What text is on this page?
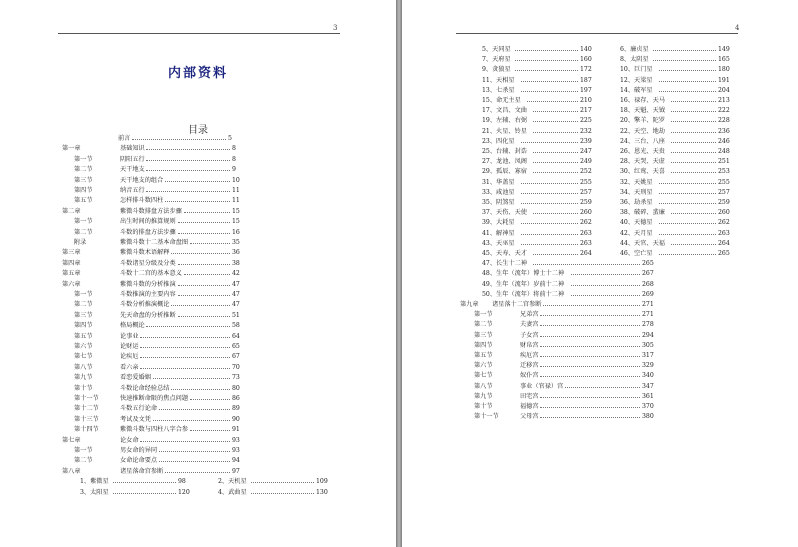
3
内部资料
目录
前言	5
第一章	基础知识	8
第一节	阴阳五行	8
第二节	天干地支	9
第三节	天干地支的组合	10
第四节	纳音五行	11
第五节	怎样排斗数四柱	11
第二章	紫微斗数排盘方法步骤	15
第一节	出生时间的推算规则	15
第二节	斗数的排盘方法步骤	16
附录	紫微斗数十二基本命盘图	35
第三章	紫微斗数术语解释	36
第四章	斗数诸星分级及分类	38
第五章	斗数十二宫的基本意义	42
第六章	紫微斗数的分析推演	47
第一节	斗数推演的主要内容	47
第二节	斗数分析推演概论	47
第三节	先天命盘的分析推断	51
第四节	格局概论	58
第五节	论事业	64
第六节	论财运	65
第七节	论疾厄	67
第八节	看六亲	70
第九节	看恋爱婚姻	73
第十节	斗数论命经验总结	80
第十一节	快速推断命限的焦点问题	86
第十二节	斗数五行论命	89
第十三节	考试及文凭	90
第十四节	紫微斗数与四柱八字合参	91
第七章	论女命	93
第一节	男女命的异同	93
第二节	女命论命要点	94
第八章	诸星落命宫参断	97
1、紫微星	98	2、天机星	109
3、太阳星	120	4、武曲星	130
4
5、天同星	140	6、廉贞星	149
7、天府星	160	8、太阴星	165
9、贪狼星	172	10、巨门星	180
11、天相星	187	12、天梁星	191
13、七杀星	197	14、破军星	204
15、命无主星	210	16、禄存、天马	213
17、文昌、文曲	217	18、天魁、天钺	222
19、左辅、右弼	225	20、擎羊、陀罗	228
21、火星、铃星	232	22、天空、地劫	236
23、四化星	239	24、三台、八座	246
25、台辅、封诰	247	26、恩光、天贵	248
27、龙池、凤阁	249	28、天哭、天虚	251
29、孤辰、寡宿	252	30、红鸾、天喜	253
31、华盖星	255	32、天姚星	255
33、咸池星	257	34、天刑星	257
35、阴煞星	259	36、劫杀星	259
37、天伤、天使	260	38、破碎、蜚廉	260
39、大耗星	262	40、天德星	262
41、解神星	263	42、天月星	263
43、天巫星	263	44、天官、天福	264
45、天寿、天才	264	46、空亡星	265
47、长生十二神	265
48、生年（流年）博士十二神	267
49、生年（流年）岁前十二神	268
50、生年（流年）将前十二神	269
第九章 诸星落十二宫参断	271
第一节	兄弟宫	271
第二节	夫妻宫	278
第三节	子女宫	294
第四节	财帛宫	305
第五节	疾厄宫	317
第六节	迁移宫	329
第七节	奴仆宫	340
第八节	事业（官禄）宫	347
第九节	田宅宫	361
第十节	福德宫	370
第十一节	父母宫	380
